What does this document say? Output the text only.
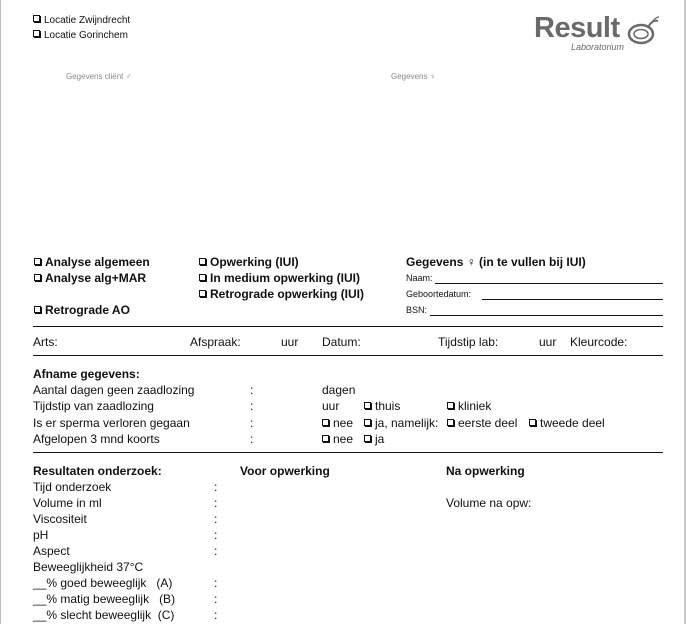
Locatie Zwijndrecht
Locatie Gorinchem	Result
Laboratorium
Gegevens cliënt ♂	Gegevens ♀
Analyse algemeen
Analyse alg+MAR
Retrograde AO
Opwerking (IUI)
In medium opwerking (IUI)
Retrograde opwerking (IUI)
Gegevens ♀ (in te vullen bij IUI)
Naam:
Geboortedatum:
BSN:
Arts:	Afspraak:	uur Datum:	Tijdstip lab:	uur Kleurcode:
Afname gegevens:
Aantal dagen geen zaadlozing	:	dagen
Tijdstip van zaadlozing	:	uur	thuis	kliniek
Is er sperma verloren gegaan	:	nee	ja, namelijk:	eerste deel	tweede deel
Afgelopen 3 mnd koorts	:	nee	ja
Resultaten onderzoek:	Voor opwerking	Na opwerking
Tijd onderzoek	:
Volume in ml	:	Volume na opw:
Viscositeit	:
pH	:
Aspect	:
Beweeglijkheid 37°C
__% goed beweeglijk   (A)	:
__% matig beweeglijk   (B)	:
__% slecht beweeglijk  (C)	:
